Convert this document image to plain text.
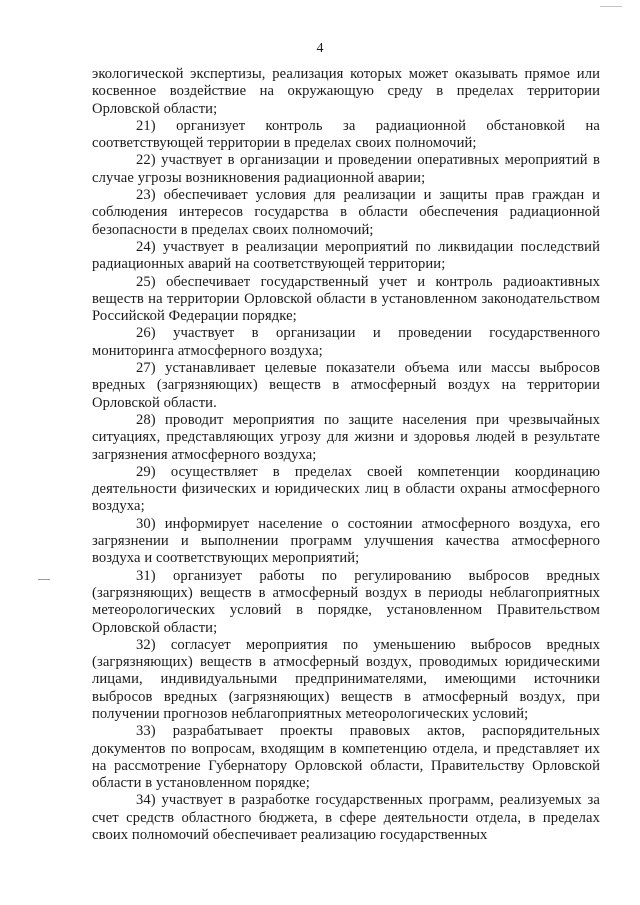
4

экологической экспертизы, реализация которых может оказывать прямое или косвенное воздействие на окружающую среду в пределах территории Орловской области;

21) организует контроль за радиационной обстановкой на соответствующей территории в пределах своих полномочий;

22) участвует в организации и проведении оперативных мероприятий в случае угрозы возникновения радиационной аварии;

23) обеспечивает условия для реализации и защиты прав граждан и соблюдения интересов государства в области обеспечения радиационной безопасности в пределах своих полномочий;

24) участвует в реализации мероприятий по ликвидации последствий радиационных аварий на соответствующей территории;

25) обеспечивает государственный учет и контроль радиоактивных веществ на территории Орловской области в установленном законодательством Российской Федерации порядке;

26) участвует в организации и проведении государственного мониторинга атмосферного воздуха;

27) устанавливает целевые показатели объема или массы выбросов вредных (загрязняющих) веществ в атмосферный воздух на территории Орловской области.

28) проводит мероприятия по защите населения при чрезвычайных ситуациях, представляющих угрозу для жизни и здоровья людей в результате загрязнения атмосферного воздуха;

29) осуществляет в пределах своей компетенции координацию деятельности физических и юридических лиц в области охраны атмосферного воздуха;

30) информирует население о состоянии атмосферного воздуха, его загрязнении и выполнении программ улучшения качества атмосферного воздуха и соответствующих мероприятий;

31) организует работы по регулированию выбросов вредных (загрязняющих) веществ в атмосферный воздух в периоды неблагоприятных метеорологических условий в порядке, установленном Правительством Орловской области;

32) согласует мероприятия по уменьшению выбросов вредных (загрязняющих) веществ в атмосферный воздух, проводимых юридическими лицами, индивидуальными предпринимателями, имеющими источники выбросов вредных (загрязняющих) веществ в атмосферный воздух, при получении прогнозов неблагоприятных метеорологических условий;

33) разрабатывает проекты правовых актов, распорядительных документов по вопросам, входящим в компетенцию отдела, и представляет их на рассмотрение Губернатору Орловской области, Правительству Орловской области в установленном порядке;

34) участвует в разработке государственных программ, реализуемых за счет средств областного бюджета, в сфере деятельности отдела, в пределах своих полномочий обеспечивает реализацию государственных
